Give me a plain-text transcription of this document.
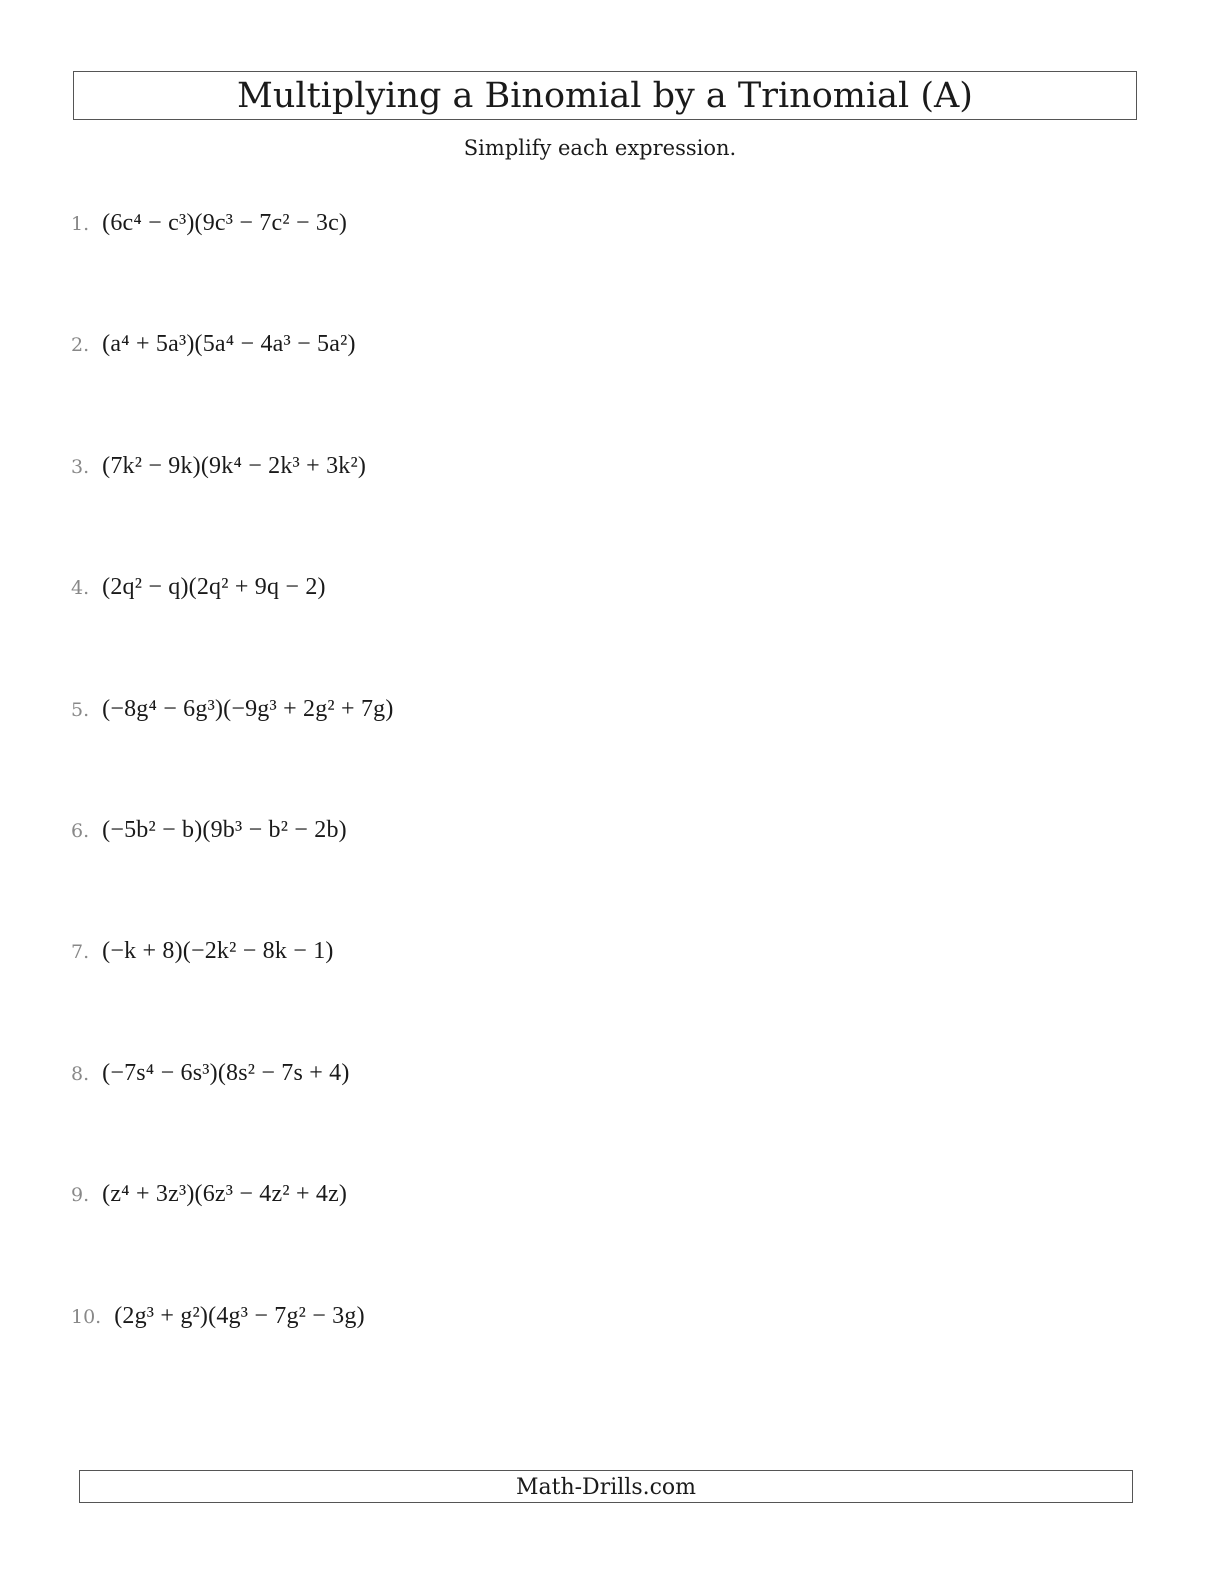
Multiplying a Binomial by a Trinomial (A)
Simplify each expression.
1. (6c⁴ − c³)(9c³ − 7c² − 3c)
2. (a⁴ + 5a³)(5a⁴ − 4a³ − 5a²)
3. (7k² − 9k)(9k⁴ − 2k³ + 3k²)
4. (2q² − q)(2q² + 9q − 2)
5. (−8g⁴ − 6g³)(−9g³ + 2g² + 7g)
6. (−5b² − b)(9b³ − b² − 2b)
7. (−k + 8)(−2k² − 8k − 1)
8. (−7s⁴ − 6s³)(8s² − 7s + 4)
9. (z⁴ + 3z³)(6z³ − 4z² + 4z)
10. (2g³ + g²)(4g³ − 7g² − 3g)
Math-Drills.com
